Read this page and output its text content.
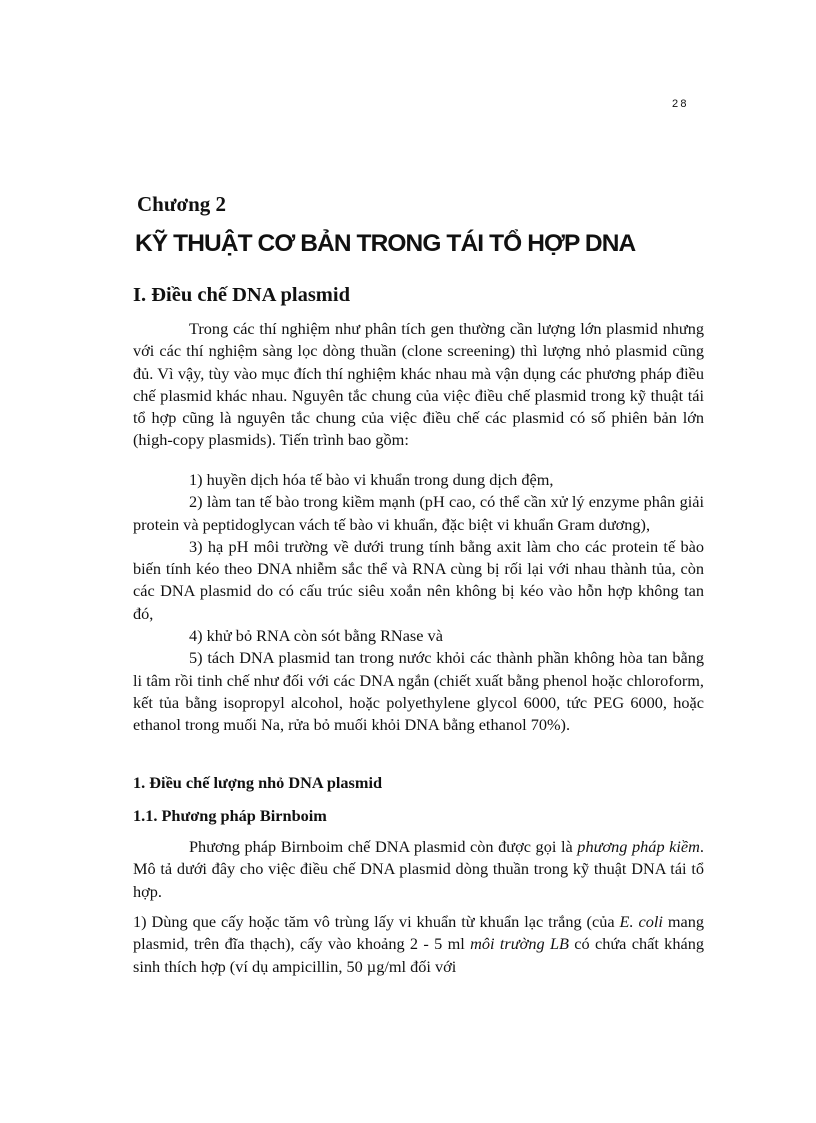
28
Chương 2
KỸ THUẬT CƠ BẢN TRONG TÁI TỔ HỢP DNA
I. Điều chế DNA plasmid

Trong các thí nghiệm như phân tích gen thường cần lượng lớn plasmid nhưng với các thí nghiệm sàng lọc dòng thuần (clone screening) thì lượng nhỏ plasmid cũng đủ. Vì vậy, tùy vào mục đích thí nghiệm khác nhau mà vận dụng các phương pháp điều chế plasmid khác nhau. Nguyên tắc chung của việc điều chế plasmid trong kỹ thuật tái tổ hợp cũng là nguyên tắc chung của việc điều chế các plasmid có số phiên bản lớn (high-copy plasmids). Tiến trình bao gồm:

1) huyền dịch hóa tế bào vi khuẩn trong dung dịch đệm,

2) làm tan tế bào trong kiềm mạnh (pH cao, có thể cần xử lý enzyme phân giải protein và peptidoglycan vách tế bào vi khuẩn, đặc biệt vi khuẩn Gram dương),

3) hạ pH môi trường về dưới trung tính bằng axit làm cho các protein tế bào biến tính kéo theo DNA nhiễm sắc thể và RNA cùng bị rối lại với nhau thành tủa, còn các DNA plasmid do có cấu trúc siêu xoắn nên không bị kéo vào hỗn hợp không tan đó,

4) khử bỏ RNA còn sót bằng RNase và

5) tách DNA plasmid tan trong nước khỏi các thành phần không hòa tan bằng li tâm rồi tinh chế như đối với các DNA ngắn (chiết xuất bằng phenol hoặc chloroform, kết tủa bằng isopropyl alcohol, hoặc polyethylene glycol 6000, tức PEG 6000, hoặc ethanol trong muối Na, rửa bỏ muối khỏi DNA bằng ethanol 70%).

1. Điều chế lượng nhỏ DNA plasmid
1.1. Phương pháp Birnboim

Phương pháp Birnboim chế DNA plasmid còn được gọi là phương pháp kiềm. Mô tả dưới đây cho việc điều chế DNA plasmid dòng thuần trong kỹ thuật DNA tái tổ hợp.

1) Dùng que cấy hoặc tăm vô trùng lấy vi khuẩn từ khuẩn lạc trắng (của E. coli mang plasmid, trên đĩa thạch), cấy vào khoảng 2 - 5 ml môi trường LB có chứa chất kháng sinh thích hợp (ví dụ ampicillin, 50 µg/ml đối với
